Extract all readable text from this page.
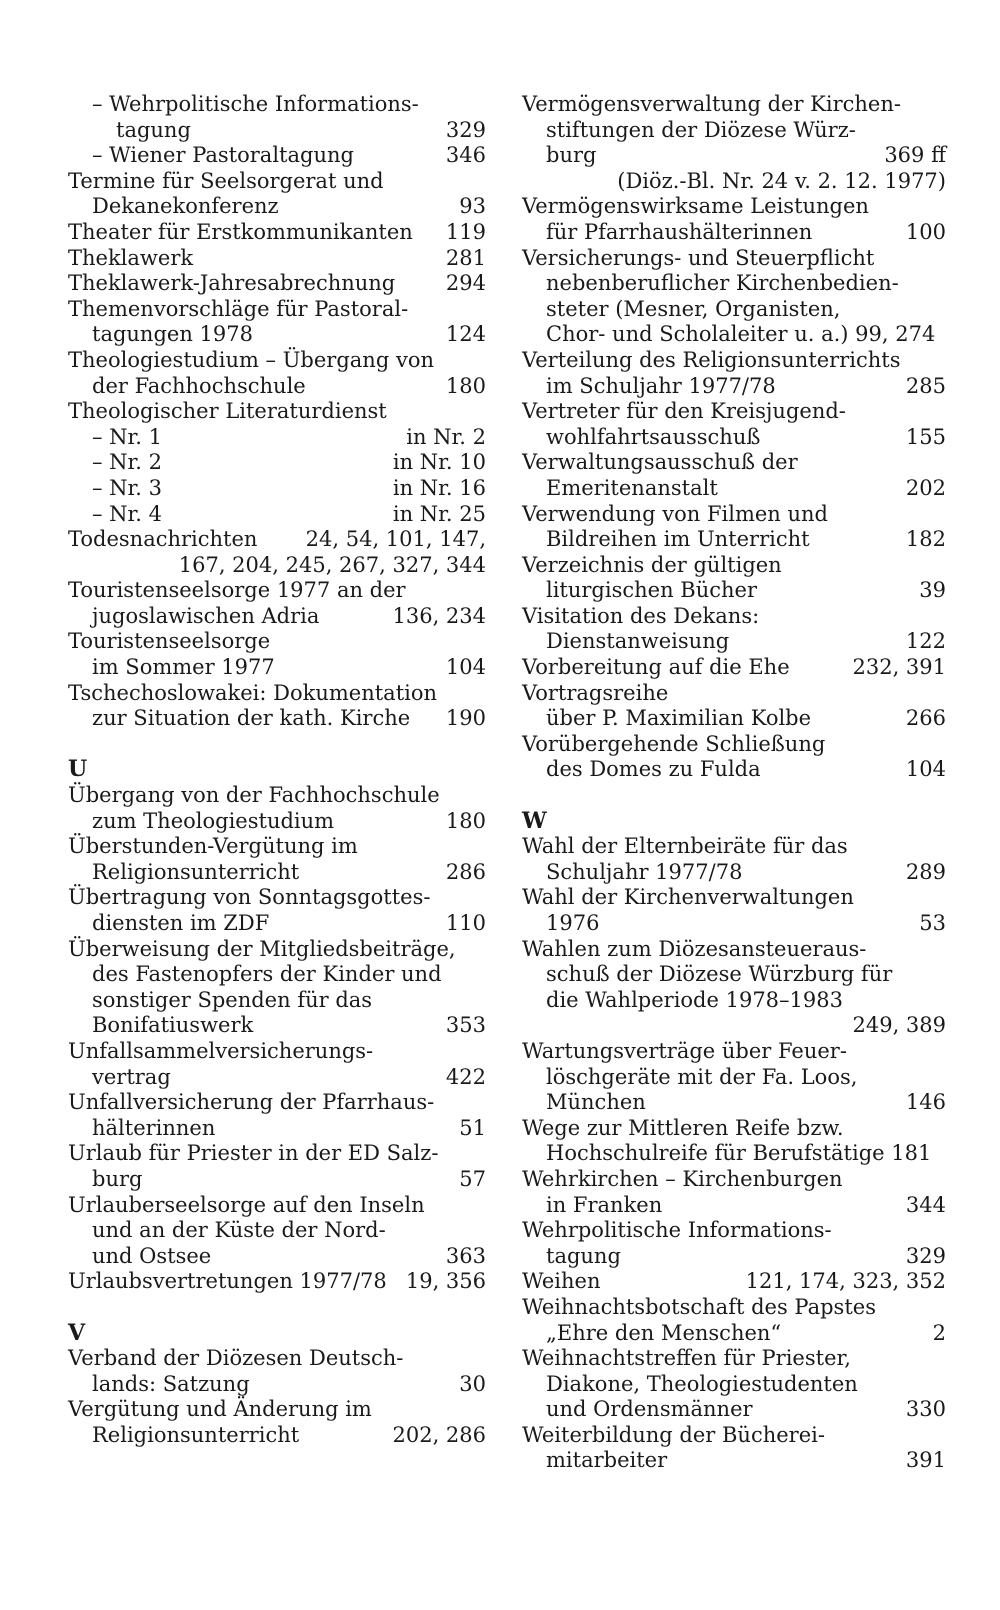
– Wehrpolitische Informations-
tagung	329
– Wiener Pastoraltagung	346
Termine für Seelsorgerat und
Dekanekonferenz	93
Theater für Erstkommunikanten 119
Theklawerk	281
Theklawerk-Jahresabrechnung 294
Themenvorschläge für Pastoral-
tagungen 1978	124
Theologiestudium – Übergang von
der Fachhochschule	180
Theologischer Literaturdienst
– Nr. 1	in Nr. 2
– Nr. 2	in Nr. 10
– Nr. 3	in Nr. 16
– Nr. 4	in Nr. 25
Todesnachrichten 24, 54, 101, 147,
167, 204, 245, 267, 327, 344
Touristenseelsorge 1977 an der
jugoslawischen Adria	136, 234
Touristenseelsorge
im Sommer 1977	104
Tschechoslowakei: Dokumentation
zur Situation der kath. Kirche 190
U
Übergang von der Fachhochschule
zum Theologiestudium	180
Überstunden-Vergütung im
Religionsunterricht	286
Übertragung von Sonntagsgottes-
diensten im ZDF	110
Überweisung der Mitgliedsbeiträge,
des Fastenopfers der Kinder und
sonstiger Spenden für das
Bonifatiuswerk	353
Unfallsammelversicherungs-
vertrag	422
Unfallversicherung der Pfarrhaus-
hälterinnen	51
Urlaub für Priester in der ED Salz-
burg	57
Urlauberseelsorge auf den Inseln
und an der Küste der Nord-
und Ostsee	363
Urlaubsvertretungen 1977/78 19, 356
V
Verband der Diözesen Deutsch-
lands: Satzung	30
Vergütung und Änderung im
Religionsunterricht	202, 286
Vermögensverwaltung der Kirchen-
stiftungen der Diözese Würz-
burg	369 ff
(Diöz.-Bl. Nr. 24 v. 2. 12. 1977)
Vermögenswirksame Leistungen
für Pfarrhaushälterinnen	100
Versicherungs- und Steuerpflicht
nebenberuflicher Kirchenbedien-
steter (Mesner, Organisten,
Chor- und Scholaleiter u. a.) 99, 274
Verteilung des Religionsunterrichts
im Schuljahr 1977/78	285
Vertreter für den Kreisjugend-
wohlfahrtsausschuß	155
Verwaltungsausschuß der
Emeritenanstalt	202
Verwendung von Filmen und
Bildreihen im Unterricht	182
Verzeichnis der gültigen
liturgischen Bücher	39
Visitation des Dekans:
Dienstanweisung	122
Vorbereitung auf die Ehe	232, 391
Vortragsreihe
über P. Maximilian Kolbe	266
Vorübergehende Schließung
des Domes zu Fulda	104
W
Wahl der Elternbeiräte für das
Schuljahr 1977/78	289
Wahl der Kirchenverwaltungen
1976	53
Wahlen zum Diözesansteueraus-
schuß der Diözese Würzburg für
die Wahlperiode 1978–1983
249, 389
Wartungsverträge über Feuer-
löschgeräte mit der Fa. Loos,
München	146
Wege zur Mittleren Reife bzw.
Hochschulreife für Berufstätige 181
Wehrkirchen – Kirchenburgen
in Franken	344
Wehrpolitische Informations-
tagung	329
Weihen	121, 174, 323, 352
Weihnachtsbotschaft des Papstes
„Ehre den Menschen“	2
Weihnachtstreffen für Priester,
Diakone, Theologiestudenten
und Ordensmänner	330
Weiterbildung der Bücherei-
mitarbeiter	391
